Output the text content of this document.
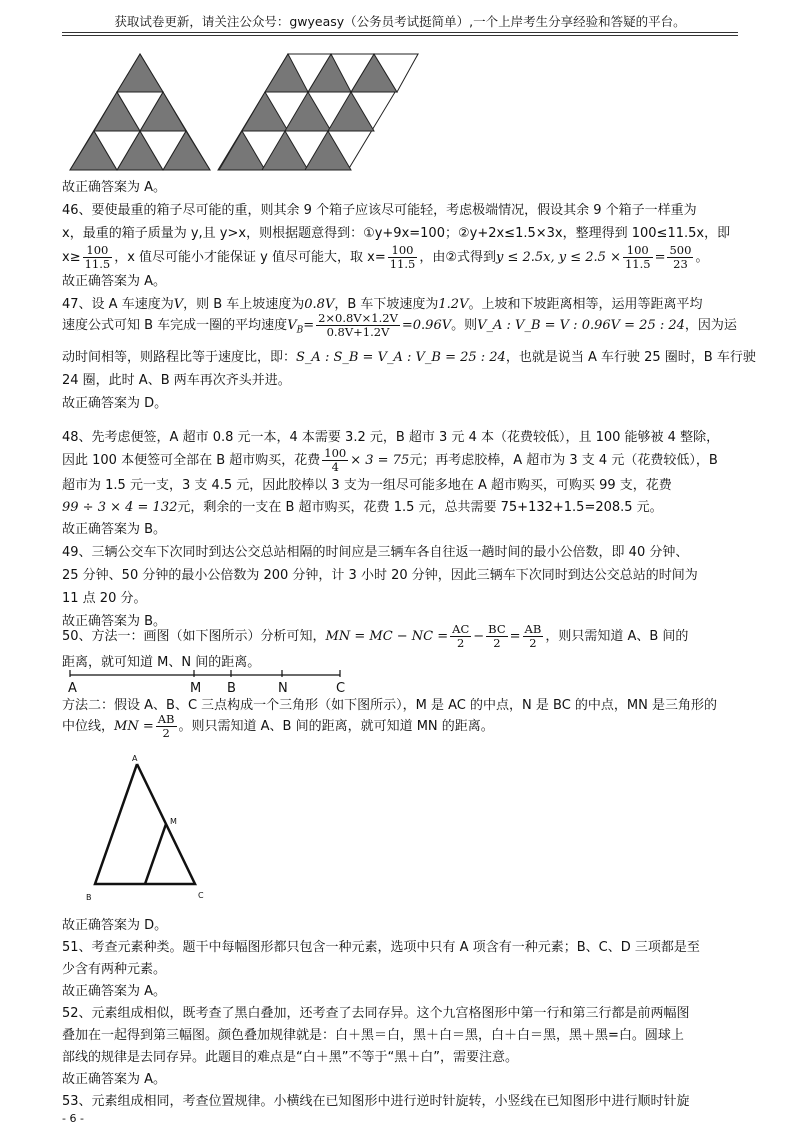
获取试卷更新，请关注公众号：gwyeasy（公务员考试挺简单）,一个上岸考生分享经验和答疑的平台。
故正确答案为 A。
46、要使最重的箱子尽可能的重，则其余 9 个箱子应该尽可能轻，考虑极端情况，假设其余 9 个箱子一样重为
x，最重的箱子质量为 y,且 y>x，则根据题意得到：①y+9x=100；②y+2x≤1.5×3x，整理得到 100≤11.5x，即
$x\ge \frac{100}{11.5}$ ，x 值尽可能小才能保证 y 值尽可能大，取 $x= \frac{100}{11.5}$ ，由②式得到y ≤ 2.5x, $y \le 2.5 \times \frac{100}{11.5} = \frac{500}{23}$ 。
故正确答案为 A。
47、设 A 车速度为V，则 B 车上坡速度为0.8V，B 车下坡速度为1.2V。上坡和下坡距离相等，运用等距离平均
速度公式可知 B 车完成一圈的平均速度$V_B= \frac{2\times 0.8V\times 1.2V}{0.8V+1.2V} =0.96V$。则V_A : V_B = V : 0.96V = 25 : 24，因为运
动时间相等，则路程比等于速度比，即：S_A : S_B = V_A : V_B = 25 : 24，也就是说当 A 车行驶 25 圈时，B 车行驶
24 圈，此时 A、B 两车再次齐头并进。
故正确答案为 D。
48、先考虑便签，A 超市 0.8 元一本，4 本需要 3.2 元，B 超市 3 元 4 本（花费较低），且 100 能够被 4 整除，
因此 100 本便签可全部在 B 超市购买，花费 $\frac{100}{4} \times 3 = 75$元；再考虑胶棒，A 超市为 3 支 4 元（花费较低），B
超市为 1.5 元一支，3 支 4.5 元，因此胶棒以 3 支为一组尽可能多地在 A 超市购买，可购买 99 支，花费
99 ÷ 3 × 4 = 132元，剩余的一支在 B 超市购买，花费 1.5 元，总共需要 75+132+1.5=208.5 元。
故正确答案为 B。
49、三辆公交车下次同时到达公交总站相隔的时间应是三辆车各自往返一趟时间的最小公倍数，即 40 分钟、
25 分钟、50 分钟的最小公倍数为 200 分钟，计 3 小时 20 分钟，因此三辆车下次同时到达公交总站的时间为
11 点 20 分。
故正确答案为 B。
50、方法一：画图（如下图所示）分析可知，MN = MC − NC = $\frac{AC}{2} - \frac{BC}{2} = \frac{AB}{2}$ ，则只需知道 A、B 间的
距离，就可知道 M、N 间的距离。
A	M B	N	C
方法二：假设 A、B、C 三点构成一个三角形（如下图所示），M 是 AC 的中点，N 是 BC 的中点，MN 是三角形的
中位线，MN = $\frac{AB}{2}$ 。则只需知道 A、B 间的距离，就可知道 MN 的距离。
A
M
B	C
故正确答案为 D。
51、考查元素种类。题干中每幅图形都只包含一种元素，选项中只有 A 项含有一种元素；B、C、D 三项都是至
少含有两种元素。
故正确答案为 A。
52、元素组成相似，既考查了黑白叠加，还考查了去同存异。这个九宫格图形中第一行和第三行都是前两幅图
叠加在一起得到第三幅图。颜色叠加规律就是：白＋黑＝白，黑＋白＝黑，白＋白＝黑，黑＋黑=白。圆球上
部线的规律是去同存异。此题目的难点是“白＋黑”不等于“黑＋白”，需要注意。
故正确答案为 A。
53、元素组成相同，考查位置规律。小横线在已知图形中进行逆时针旋转，小竖线在已知图形中进行顺时针旋
- 6 -
